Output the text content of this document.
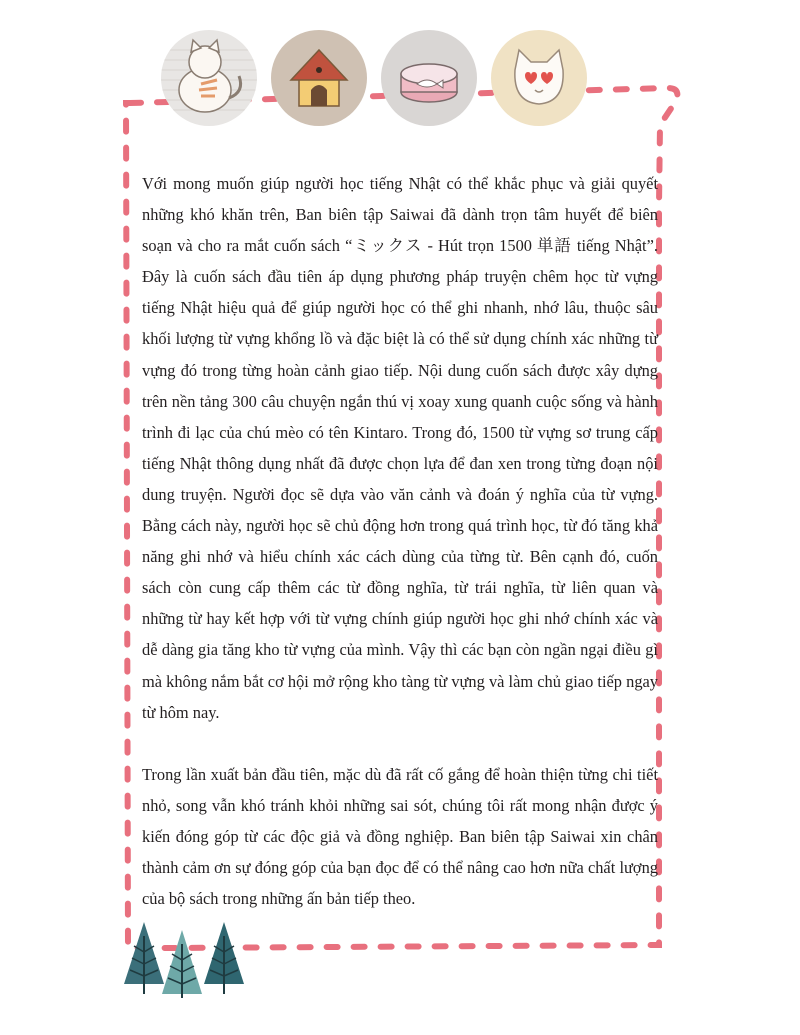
Với mong muốn giúp người học tiếng Nhật có thể khắc phục và giải quyết những khó khăn trên, Ban biên tập Saiwai đã dành trọn tâm huyết để biên soạn và cho ra mắt cuốn sách “ミックス - Hút trọn 1500 単語 tiếng Nhật”. Đây là cuốn sách đầu tiên áp dụng phương pháp truyện chêm học từ vựng tiếng Nhật hiệu quả để giúp người học có thể ghi nhanh, nhớ lâu, thuộc sâu khối lượng từ vựng khổng lồ và đặc biệt là có thể sử dụng chính xác những từ vựng đó trong từng hoàn cảnh giao tiếp. Nội dung cuốn sách được xây dựng trên nền tảng 300 câu chuyện ngắn thú vị xoay xung quanh cuộc sống và hành trình đi lạc của chú mèo có tên Kintaro. Trong đó, 1500 từ vựng sơ trung cấp tiếng Nhật thông dụng nhất đã được chọn lựa để đan xen trong từng đoạn nội dung truyện. Người đọc sẽ dựa vào văn cảnh và đoán ý nghĩa của từ vựng. Bằng cách này, người học sẽ chủ động hơn trong quá trình học, từ đó tăng khả năng ghi nhớ và hiểu chính xác cách dùng của từng từ. Bên cạnh đó, cuốn sách còn cung cấp thêm các từ đồng nghĩa, từ trái nghĩa, từ liên quan và những từ hay kết hợp với từ vựng chính giúp người học ghi nhớ chính xác và dễ dàng gia tăng kho từ vựng của mình. Vậy thì các bạn còn ngần ngại điều gì mà không nắm bắt cơ hội mở rộng kho tàng từ vựng và làm chủ giao tiếp ngay từ hôm nay.

Trong lần xuất bản đầu tiên, mặc dù đã rất cố gắng để hoàn thiện từng chi tiết nhỏ, song vẫn khó tránh khỏi những sai sót, chúng tôi rất mong nhận được ý kiến đóng góp từ các độc giả và đồng nghiệp. Ban biên tập Saiwai xin chân thành cảm ơn sự đóng góp của bạn đọc để có thể nâng cao hơn nữa chất lượng của bộ sách trong những ấn bản tiếp theo.
